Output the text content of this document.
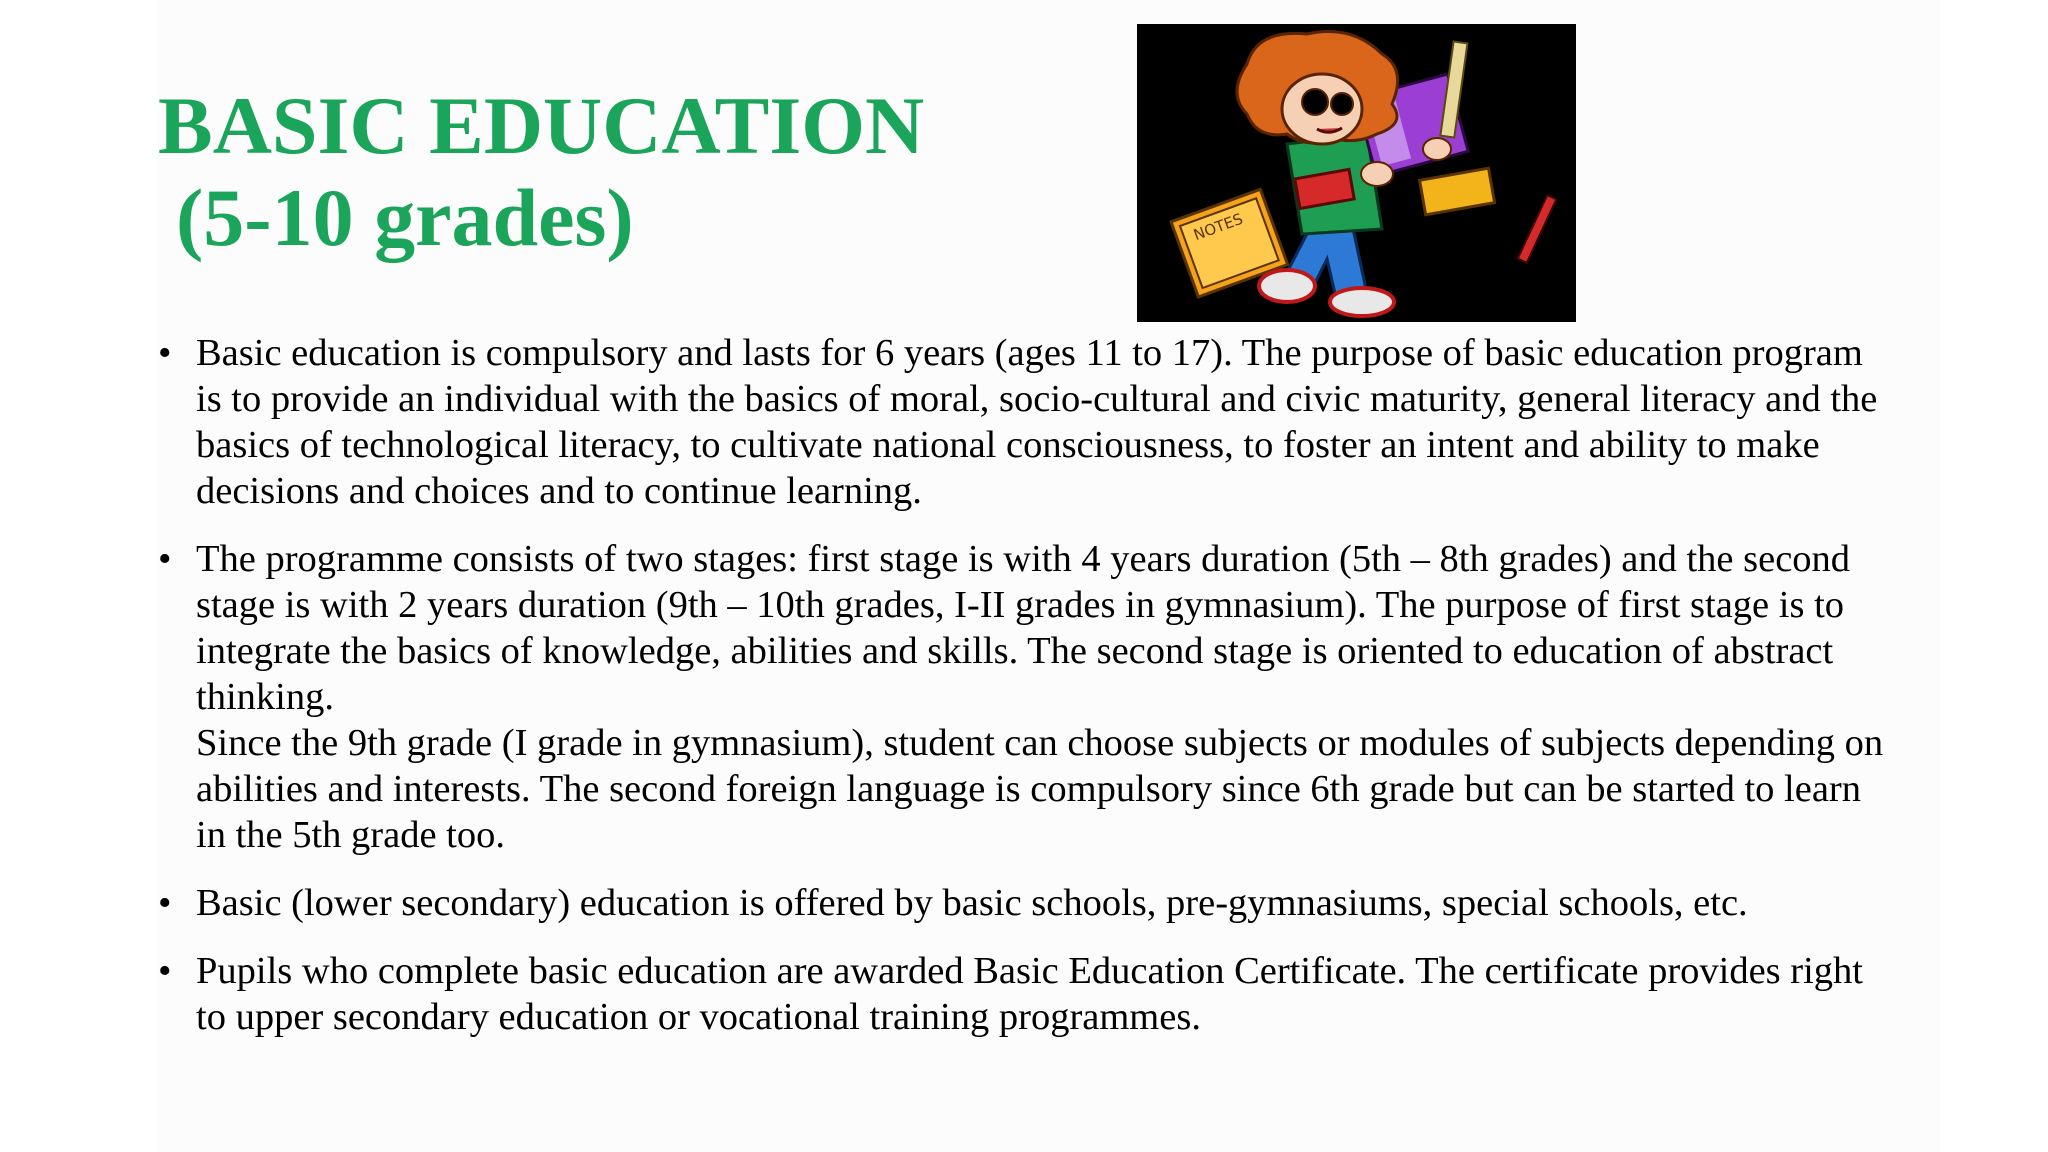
BASIC EDUCATION
(5-10 grades)	NOTES
• Basic education is compulsory and lasts for 6 years (ages 11 to 17). The purpose of basic education program is to provide an individual with the basics of moral, socio-cultural and civic maturity, general literacy and the basics of technological literacy, to cultivate national consciousness, to foster an intent and ability to make decisions and choices and to continue learning.

• The programme consists of two stages: first stage is with 4 years duration (5th – 8th grades) and the second stage is with 2 years duration (9th – 10th grades, I-II grades in gymnasium). The purpose of first stage is to integrate the basics of knowledge, abilities and skills. The second stage is oriented to education of abstract thinking.

Since the 9th grade (I grade in gymnasium), student can choose subjects or modules of subjects depending on abilities and interests. The second foreign language is compulsory since 6th grade but can be started to learn in the 5th grade too.

• Basic (lower secondary) education is offered by basic schools, pre-gymnasiums, special schools, etc.

• Pupils who complete basic education are awarded Basic Education Certificate. The certificate provides right to upper secondary education or vocational training programmes.
